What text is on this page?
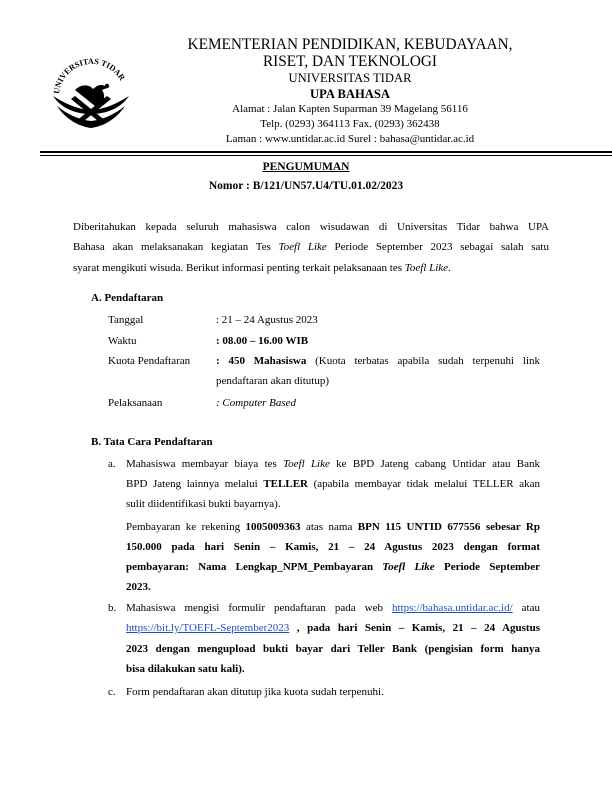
UNIVERSITAS TIDAR
KEMENTERIAN PENDIDIKAN, KEBUDAYAAN,
RISET, DAN TEKNOLOGI
UNIVERSITAS TIDAR
UPA BAHASA
Alamat : Jalan Kapten Suparman 39 Magelang 56116
Telp. (0293) 364113 Fax. (0293) 362438
Laman : www.untidar.ac.id Surel : bahasa@untidar.ac.id
PENGUMUMAN
Nomor : B/121/UN57.U4/TU.01.02/2023
Diberitahukan kepada seluruh mahasiswa calon wisudawan di Universitas Tidar bahwa UPA
Bahasa akan melaksanakan kegiatan Tes Toefl Like Periode September 2023 sebagai salah satu
syarat mengikuti wisuda. Berikut informasi penting terkait pelaksanaan tes Toefl Like.
A. Pendaftaran
Tanggal	: 21 – 24 Agustus 2023
Waktu	: 08.00 – 16.00 WIB
Kuota Pendaftaran : 450 Mahasiswa (Kuota terbatas apabila sudah terpenuhi link
pendaftaran akan ditutup)
Pelaksanaan	: Computer Based
B. Tata Cara Pendaftaran
a. Mahasiswa membayar biaya tes Toefl Like ke BPD Jateng cabang Untidar atau Bank
BPD Jateng lainnya melalui TELLER (apabila membayar tidak melalui TELLER akan
sulit diidentifikasi bukti bayarnya).
Pembayaran ke rekening 1005009363 atas nama BPN 115 UNTID 677556 sebesar Rp
150.000 pada hari Senin – Kamis, 21 – 24 Agustus 2023 dengan format
pembayaran: Nama Lengkap_NPM_Pembayaran Toefl Like Periode September
2023.
b. Mahasiswa mengisi formulir pendaftaran pada web https://bahasa.untidar.ac.id/ atau
https://bit.ly/TOEFL-September2023 , pada hari Senin – Kamis, 21 – 24 Agustus
2023 dengan mengupload bukti bayar dari Teller Bank (pengisian form hanya
bisa dilakukan satu kali).
c. Form pendaftaran akan ditutup jika kuota sudah terpenuhi.
